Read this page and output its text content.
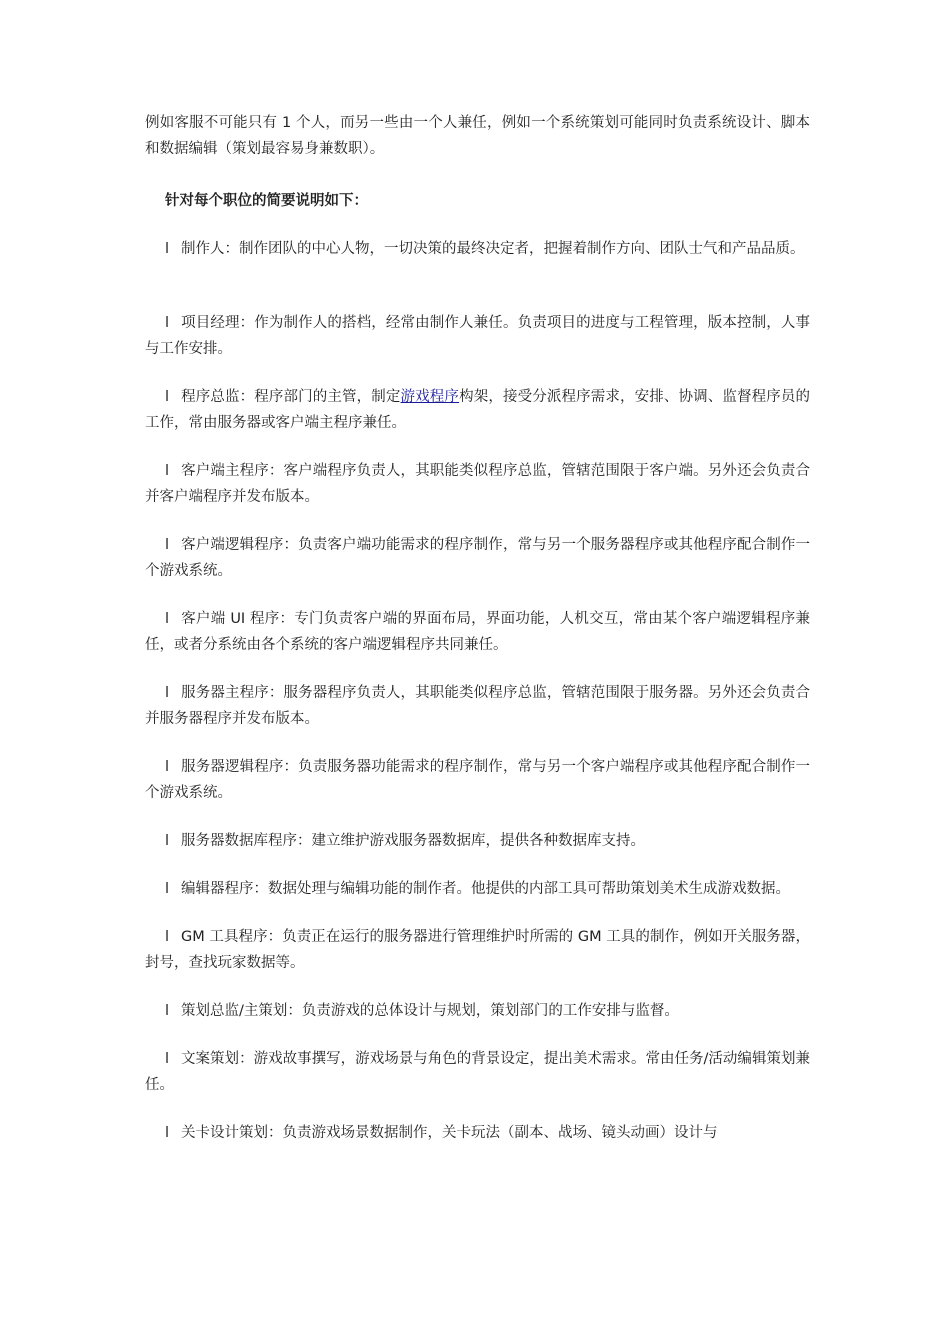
例如客服不可能只有 1 个人，而另一些由一个人兼任，例如一个系统策划可能同时负责系统设计、脚本和数据编辑（策划最容易身兼数职）。

针对每个职位的简要说明如下：

l 制作人：制作团队的中心人物，一切决策的最终决定者，把握着制作方向、团队士气和产品品质。

l 项目经理：作为制作人的搭档，经常由制作人兼任。负责项目的进度与工程管理，版本控制，人事与工作安排。

l 程序总监：程序部门的主管，制定游戏程序构架，接受分派程序需求，安排、协调、监督程序员的工作，常由服务器或客户端主程序兼任。

l 客户端主程序：客户端程序负责人，其职能类似程序总监，管辖范围限于客户端。另外还会负责合并客户端程序并发布版本。

l 客户端逻辑程序：负责客户端功能需求的程序制作，常与另一个服务器程序或其他程序配合制作一个游戏系统。

l 客户端 UI 程序：专门负责客户端的界面布局，界面功能，人机交互，常由某个客户端逻辑程序兼任，或者分系统由各个系统的客户端逻辑程序共同兼任。

l 服务器主程序：服务器程序负责人，其职能类似程序总监，管辖范围限于服务器。另外还会负责合并服务器程序并发布版本。

l 服务器逻辑程序：负责服务器功能需求的程序制作，常与另一个客户端程序或其他程序配合制作一个游戏系统。

l 服务器数据库程序：建立维护游戏服务器数据库，提供各种数据库支持。

l 编辑器程序：数据处理与编辑功能的制作者。他提供的内部工具可帮助策划美术生成游戏数据。

l GM 工具程序：负责正在运行的服务器进行管理维护时所需的 GM 工具的制作，例如开关服务器，封号，查找玩家数据等。

l 策划总监/主策划：负责游戏的总体设计与规划，策划部门的工作安排与监督。

l 文案策划：游戏故事撰写，游戏场景与角色的背景设定，提出美术需求。常由任务/活动编辑策划兼任。

l 关卡设计策划：负责游戏场景数据制作，关卡玩法（副本、战场、镜头动画）设计与
